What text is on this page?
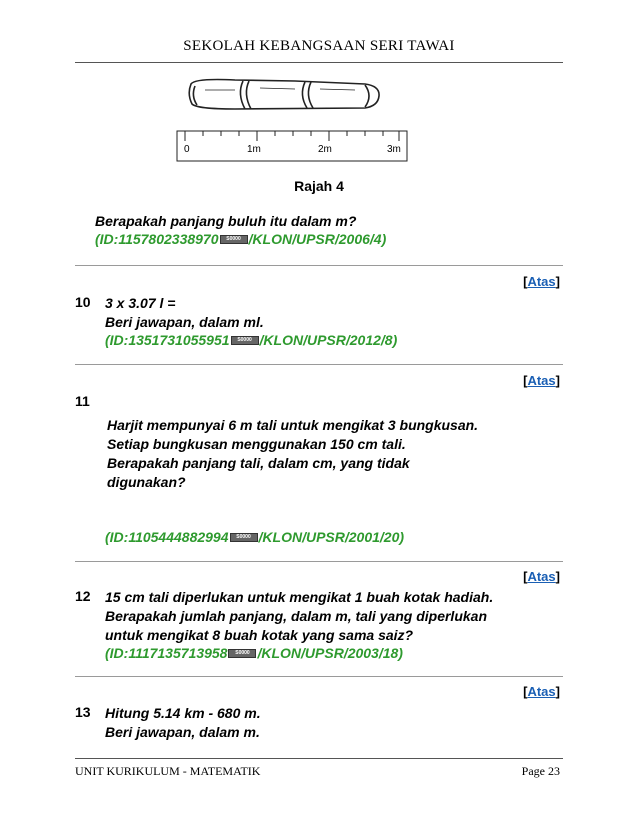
SEKOLAH KEBANGSAAN SERI TAWAI
0	1m	2m	3m
Rajah 4
Berapakah panjang buluh itu dalam m?
(ID:1157802338970 S0000 /KLON/UPSR/2006/4)
[Atas]
10 3 x 3.07 l =
Beri jawapan, dalam ml.
(ID:1351731055951 S0000 /KLON/UPSR/2012/8)
[Atas]
11
Harjit mempunyai 6 m tali untuk mengikat 3 bungkusan.
Setiap bungkusan menggunakan 150 cm tali.
Berapakah panjang tali, dalam cm, yang tidak
digunakan?
(ID:1105444882994 S0000 /KLON/UPSR/2001/20)
[Atas]
12 15 cm tali diperlukan untuk mengikat 1 buah kotak hadiah.
Berapakah jumlah panjang, dalam m, tali yang diperlukan
untuk mengikat 8 buah kotak yang sama saiz?
(ID:1117135713958 S0000 /KLON/UPSR/2003/18)
[Atas]
13 Hitung 5.14 km - 680 m.
Beri jawapan, dalam m.
UNIT KURIKULUM - MATEMATIK	Page 23
